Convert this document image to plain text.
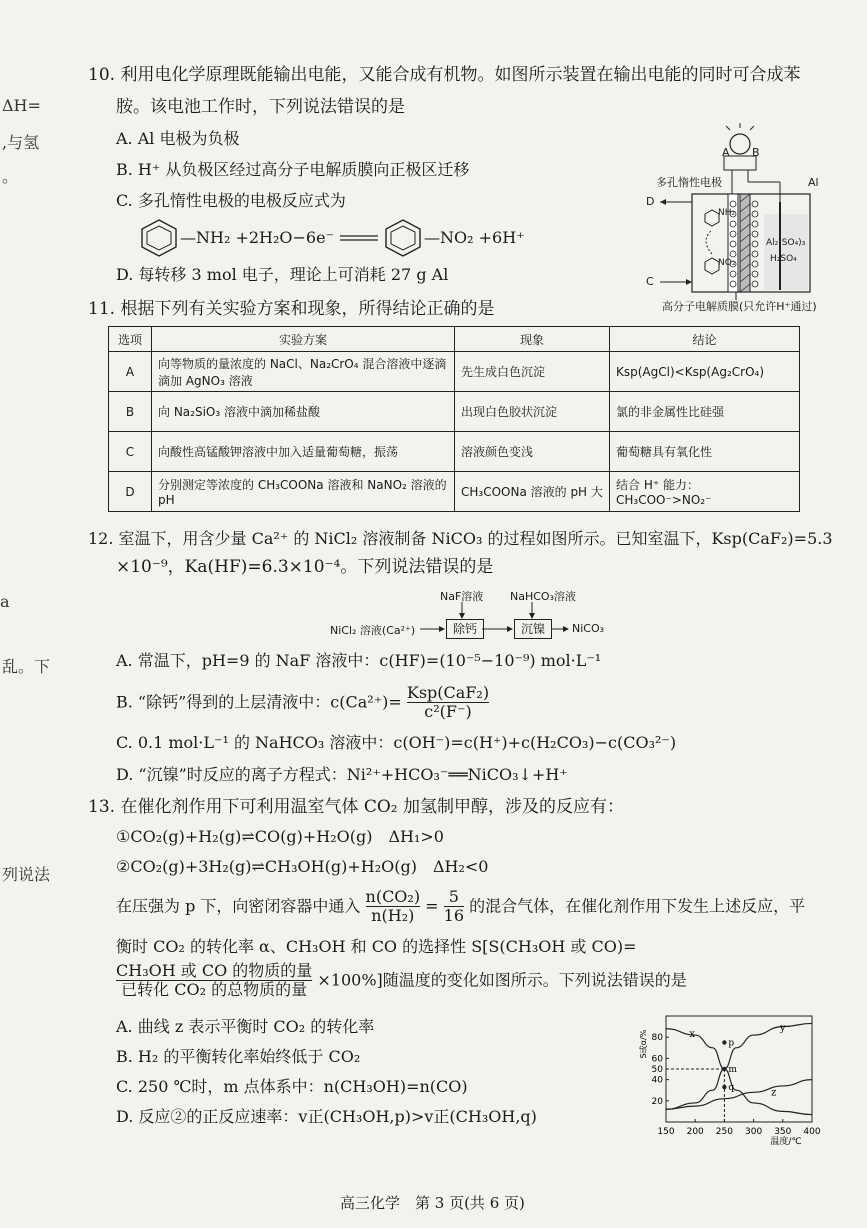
ΔH=
,与氢
。
a
乱。下
列说法
10. 利用电化学原理既能输出电能，又能合成有机物。如图所示装置在输出电能的同时可合成苯
胺。该电池工作时，下列说法错误的是
A. Al 电极为负极
B. H⁺ 从负极区经过高分子电解质膜向正极区迁移
C. 多孔惰性电极的电极反应式为
—NH₂ +2H₂O−6e⁻	—NO₂ +6H⁺
D. 每转移 3 mol 电子，理论上可消耗 27 g Al
A B
多孔惰性电极	Al
D
C
NH₂
NO₂
Al₂(SO₄)₃
H₂SO₄
高分子电解质膜(只允许H⁺通过)
11. 根据下列有关实验方案和现象，所得结论正确的是
选项	实验方案	现象	结论
A	向等物质的量浓度的 NaCl、Na₂CrO₄ 混合溶液中逐滴滴加 AgNO₃ 溶液	先生成白色沉淀	Ksp(AgCl)<Ksp(Ag₂CrO₄)
B	向 Na₂SiO₃ 溶液中滴加稀盐酸	出现白色胶状沉淀	氯的非金属性比硅强
C	向酸性高锰酸钾溶液中加入适量葡萄糖，振荡	溶液颜色变浅	葡萄糖具有氧化性
D	分别测定等浓度的 CH₃COONa 溶液和 NaNO₂ 溶液的 pH	CH₃COONa 溶液的 pH 大	结合 H⁺ 能力：CH₃COO⁻>NO₂⁻
12. 室温下，用含少量 Ca²⁺ 的 NiCl₂ 溶液制备 NiCO₃ 的过程如图所示。已知室温下，Ksp(CaF₂)=5.3
×10⁻⁹，Ka(HF)=6.3×10⁻⁴。下列说法错误的是
NiCl₂ 溶液(Ca²⁺)
NaF溶液 NaHCO₃溶液
除钙	沉镍	NiCO₃
A. 常温下，pH=9 的 NaF 溶液中：c(HF)=(10⁻⁵−10⁻⁹) mol·L⁻¹
B. “除钙”得到的上层清液中：$c(Ca^{2+})= \frac{\text{Ksp(CaF₂)}}{\text{c²(F⁻)}}$
C. 0.1 mol·L⁻¹ 的 NaHCO₃ 溶液中：c(OH⁻)=c(H⁺)+c(H₂CO₃)−c(CO₃²⁻)
D. “沉镍”时反应的离子方程式：Ni²⁺+HCO₃⁻══NiCO₃↓+H⁺
13. 在催化剂作用下可利用温室气体 CO₂ 加氢制甲醇，涉及的反应有：
①CO₂(g)+H₂(g)⇌CO(g)+H₂O(g)　ΔH₁>0
②CO₂(g)+3H₂(g)⇌CH₃OH(g)+H₂O(g)　ΔH₂<0
在压强为 p 下，向密闭容器中通入 $\frac{\text{n(CO₂)}}{\text{n(H₂)}} = \frac{5}{16}$ 的混合气体，在催化剂作用下发生上述反应，平
衡时 CO₂ 的转化率 α、CH₃OH 和 CO 的选择性 S[S(CH₃OH 或 CO)=
$\frac{\text{CH₃OH 或 CO 的物质的量}}{\text{已转化 CO₂ 的总物质的量}} \times 100\%$]随温度的变化如图所示。下列说法错误的是
A. 曲线 z 表示平衡时 CO₂ 的转化率
B. H₂ 的平衡转化率始终低于 CO₂
C. 250 ℃时，m 点体系中：n(CH₃OH)=n(CO)
D. 反应②的正反应速率：v正(CH₃OH,p)>v正(CH₃OH,q)
150 200 250 300 350 400
20
40
50
60
80
温度/℃
S或α/%	x
y
z
p
m
q
高三化学　第 3 页(共 6 页)
